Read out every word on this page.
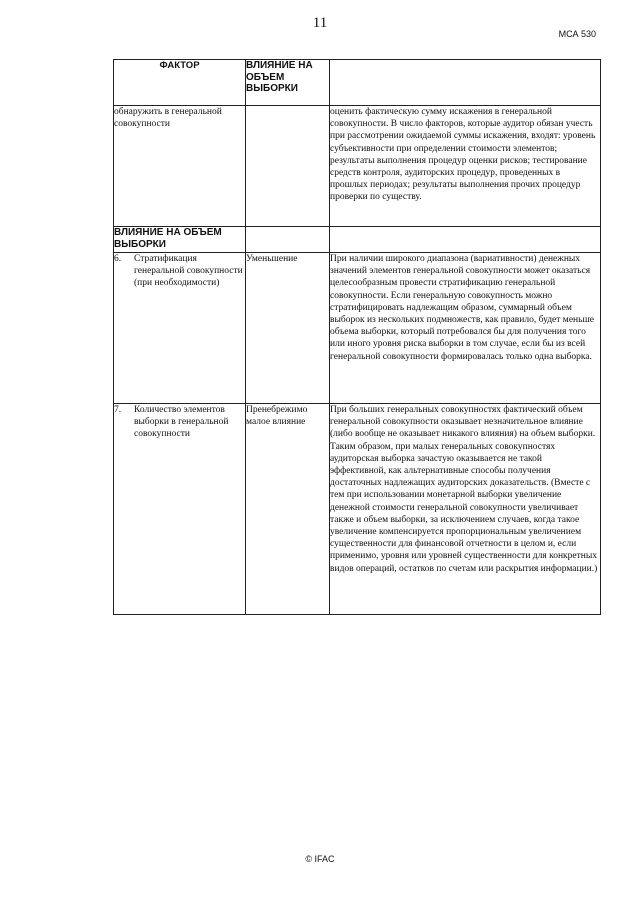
11
МСА 530
ФАКТОР	ВЛИЯНИЕ НА ОБЪЕМ ВЫБОРКИ	
обнаружить в генеральной совокупности		оценить фактическую сумму искажения в генеральной совокупности. В число факторов, которые аудитор обязан учесть при рассмотрении ожидаемой суммы искажения, входят: уровень субъективности при определении стоимости элементов; результаты выполнения процедур оценки рисков; тестирование средств контроля, аудиторских процедур, проведенных в прошлых периодах; результаты выполнения прочих процедур проверки по существу.
ВЛИЯНИЕ НА ОБЪЕМ ВЫБОРКИ		

6. Стратификация генеральной совокупности (при необходимости)	Уменьшение	При наличии широкого диапазона (вариативности) денежных значений элементов генеральной совокупности может оказаться целесообразным провести стратификацию генеральной совокупности. Если генеральную совокупность можно стратифицировать надлежащим образом, суммарный объем выборок из нескольких подмножеств, как правило, будет меньше объема выборки, который потребовался бы для получения того или иного уровня риска выборки в том случае, если бы из всей генеральной совокупности формировалась только одна выборка.

7. Количество элементов выборки в генеральной совокупности	Пренебрежимо малое влияние	При больших генеральных совокупностях фактический объем генеральной совокупности оказывает незначительное влияние (либо вообще не оказывает никакого влияния) на объем выборки. Таким образом, при малых генеральных совокупностях аудиторская выборка зачастую оказывается не такой эффективной, как альтернативные способы получения достаточных надлежащих аудиторских доказательств. (Вместе с тем при использовании монетарной выборки увеличение денежной стоимости генеральной совокупности увеличивает также и объем выборки, за исключением случаев, когда такое увеличение компенсируется пропорциональным увеличением существенности для финансовой отчетности в целом и, если применимо, уровня или уровней существенности для конкретных видов операций, остатков по счетам или раскрытия информации.)
© IFAC
